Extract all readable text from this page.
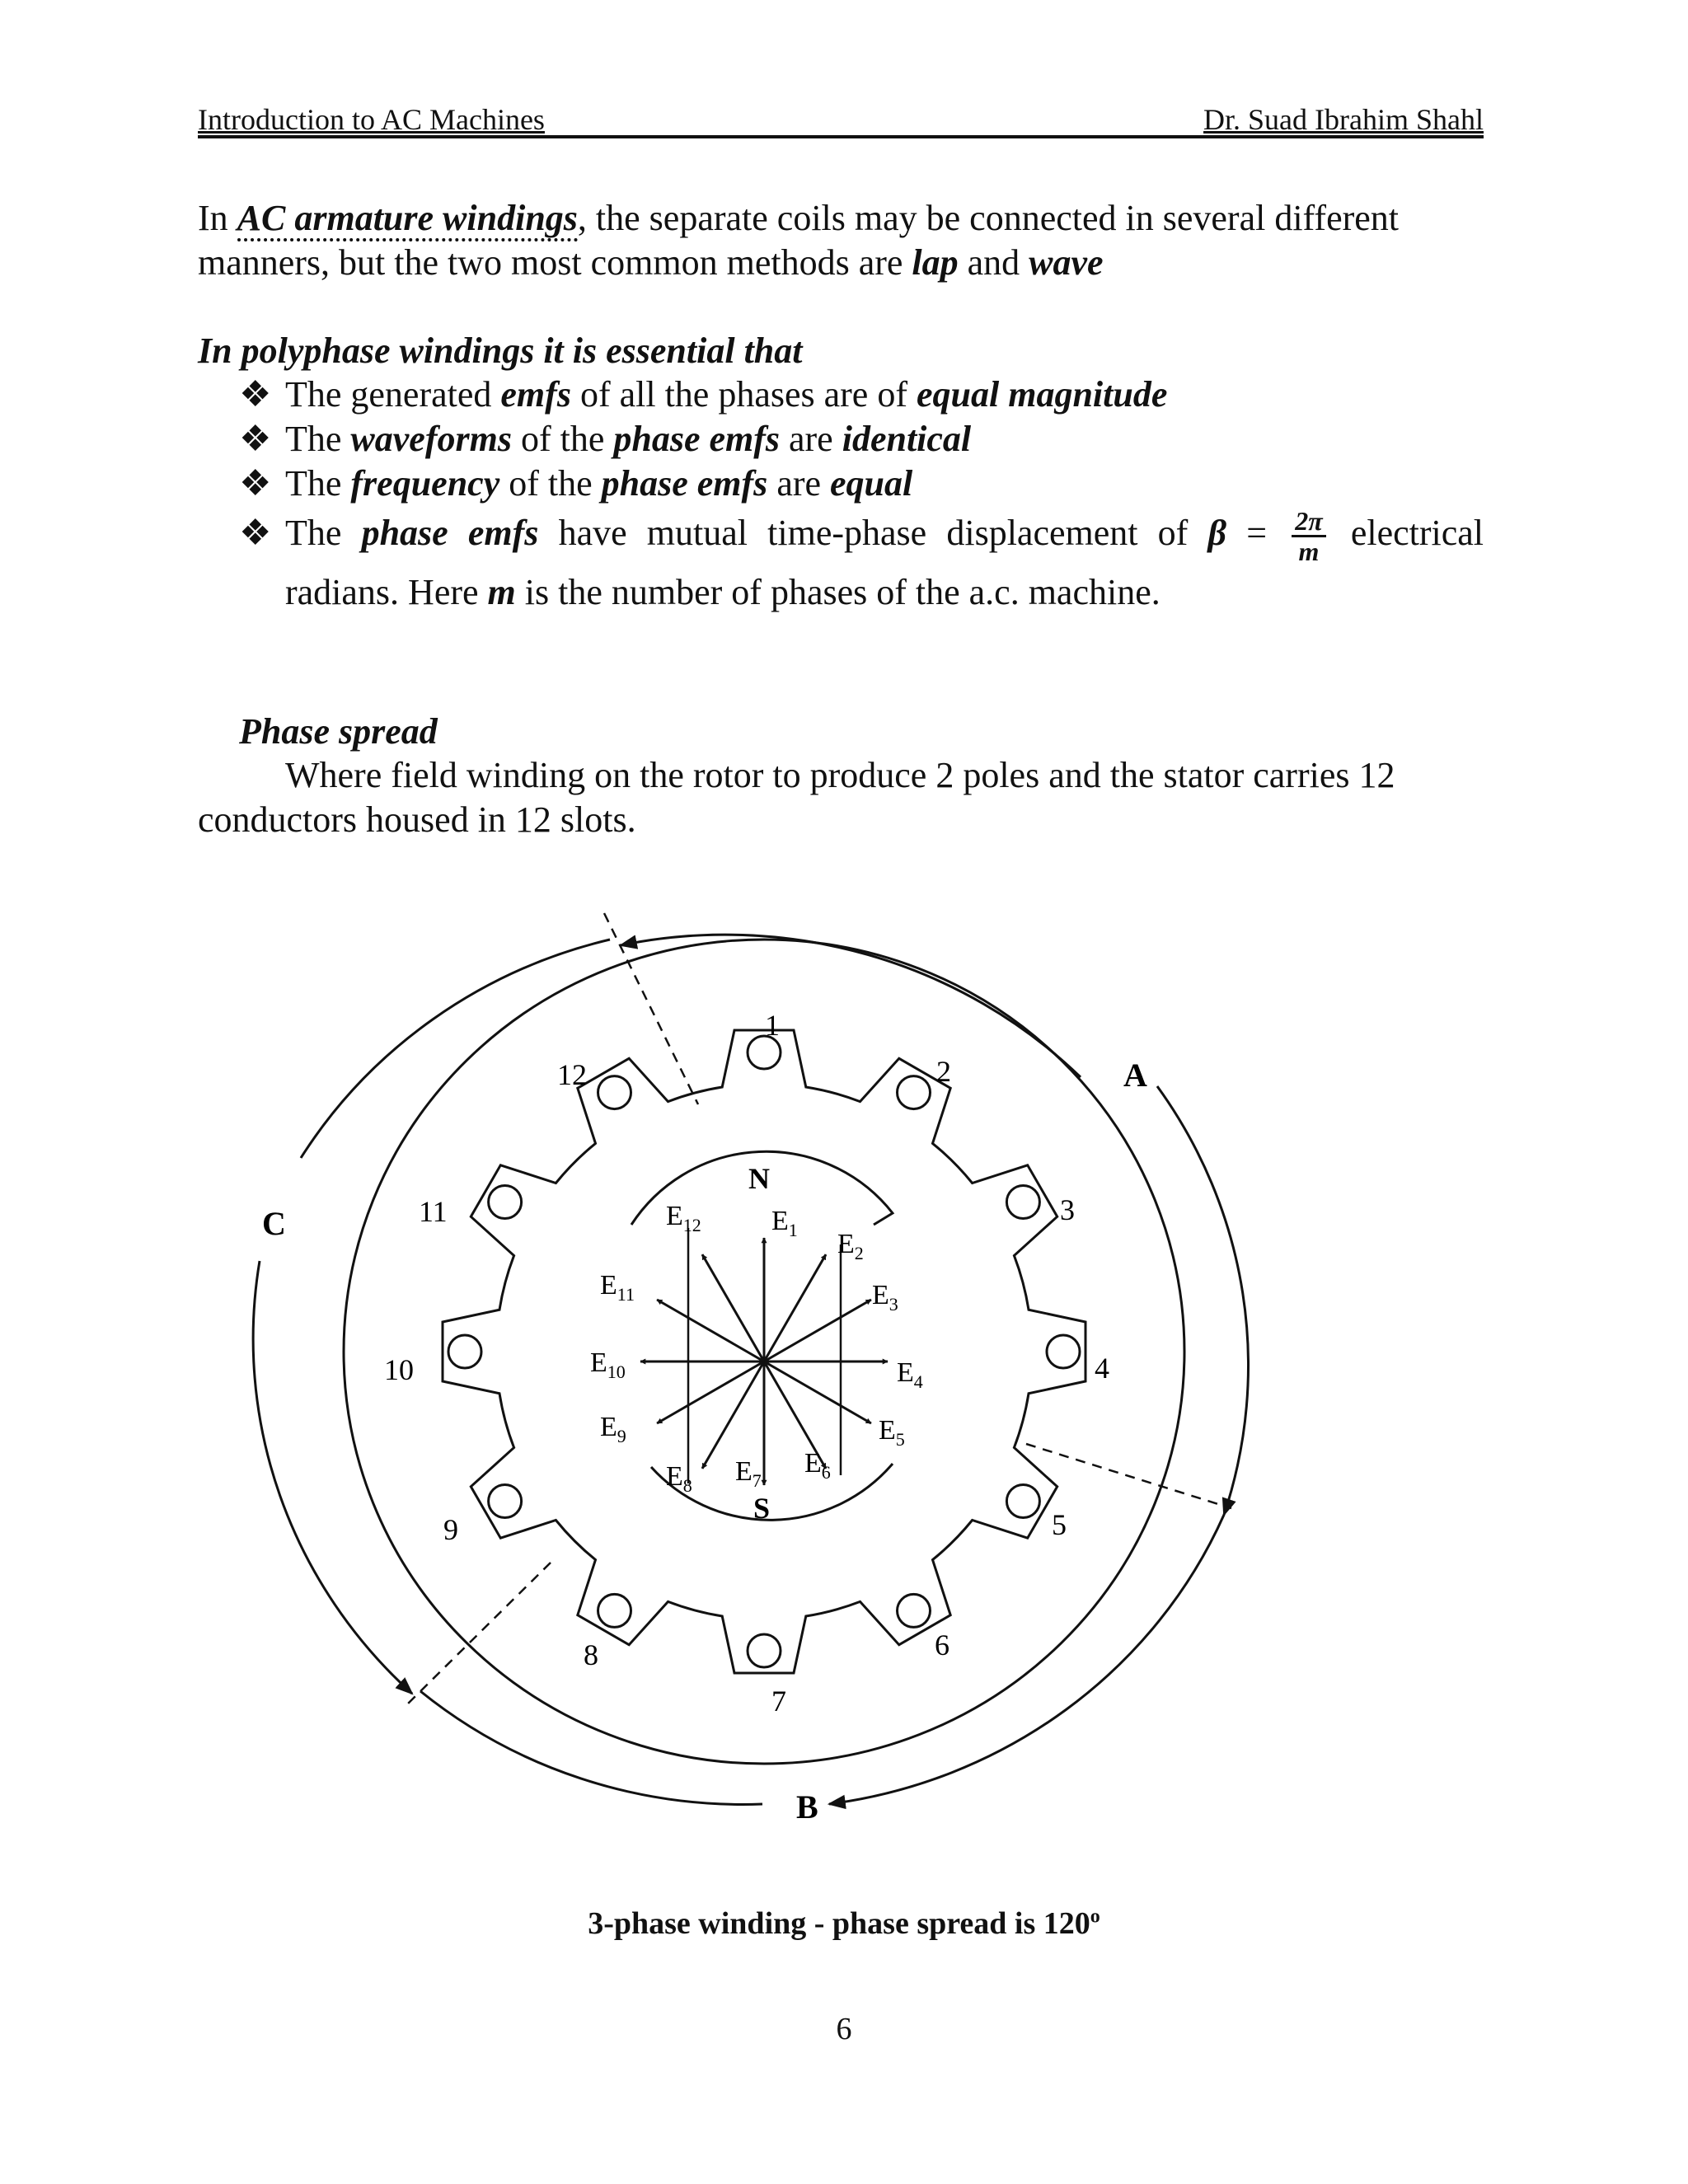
Introduction to AC Machines	Dr. Suad Ibrahim Shahl
In AC armature windings, the separate coils may be connected in several different manners, but the two most common methods are lap and wave
In polyphase windings it is essential that
❖ The generated emfs of all the phases are of equal magnitude
❖ The waveforms of the phase emfs are identical
❖ The frequency of the phase emfs are equal
❖ The phase emfs have mutual time-phase displacement of $\beta = \frac{2\pi}{m}$ electrical radians. Here m is the number of phases of the a.c. machine.
Phase spread
Where field winding on the rotor to produce 2 poles and the stator carries 12 conductors housed in 12 slots.
A
B
C
N
S
1
2
3
4
5
6
7
8
9
10
11
12
$E_1$ $E_2$
$E_3$
$E_4$
$E_5$
$E_6$
$E_7$
$E_8$
$E_9$
$E_{10}$
$E_{11}$
$E_{12}$
3-phase winding - phase spread is 120$^o$
6
